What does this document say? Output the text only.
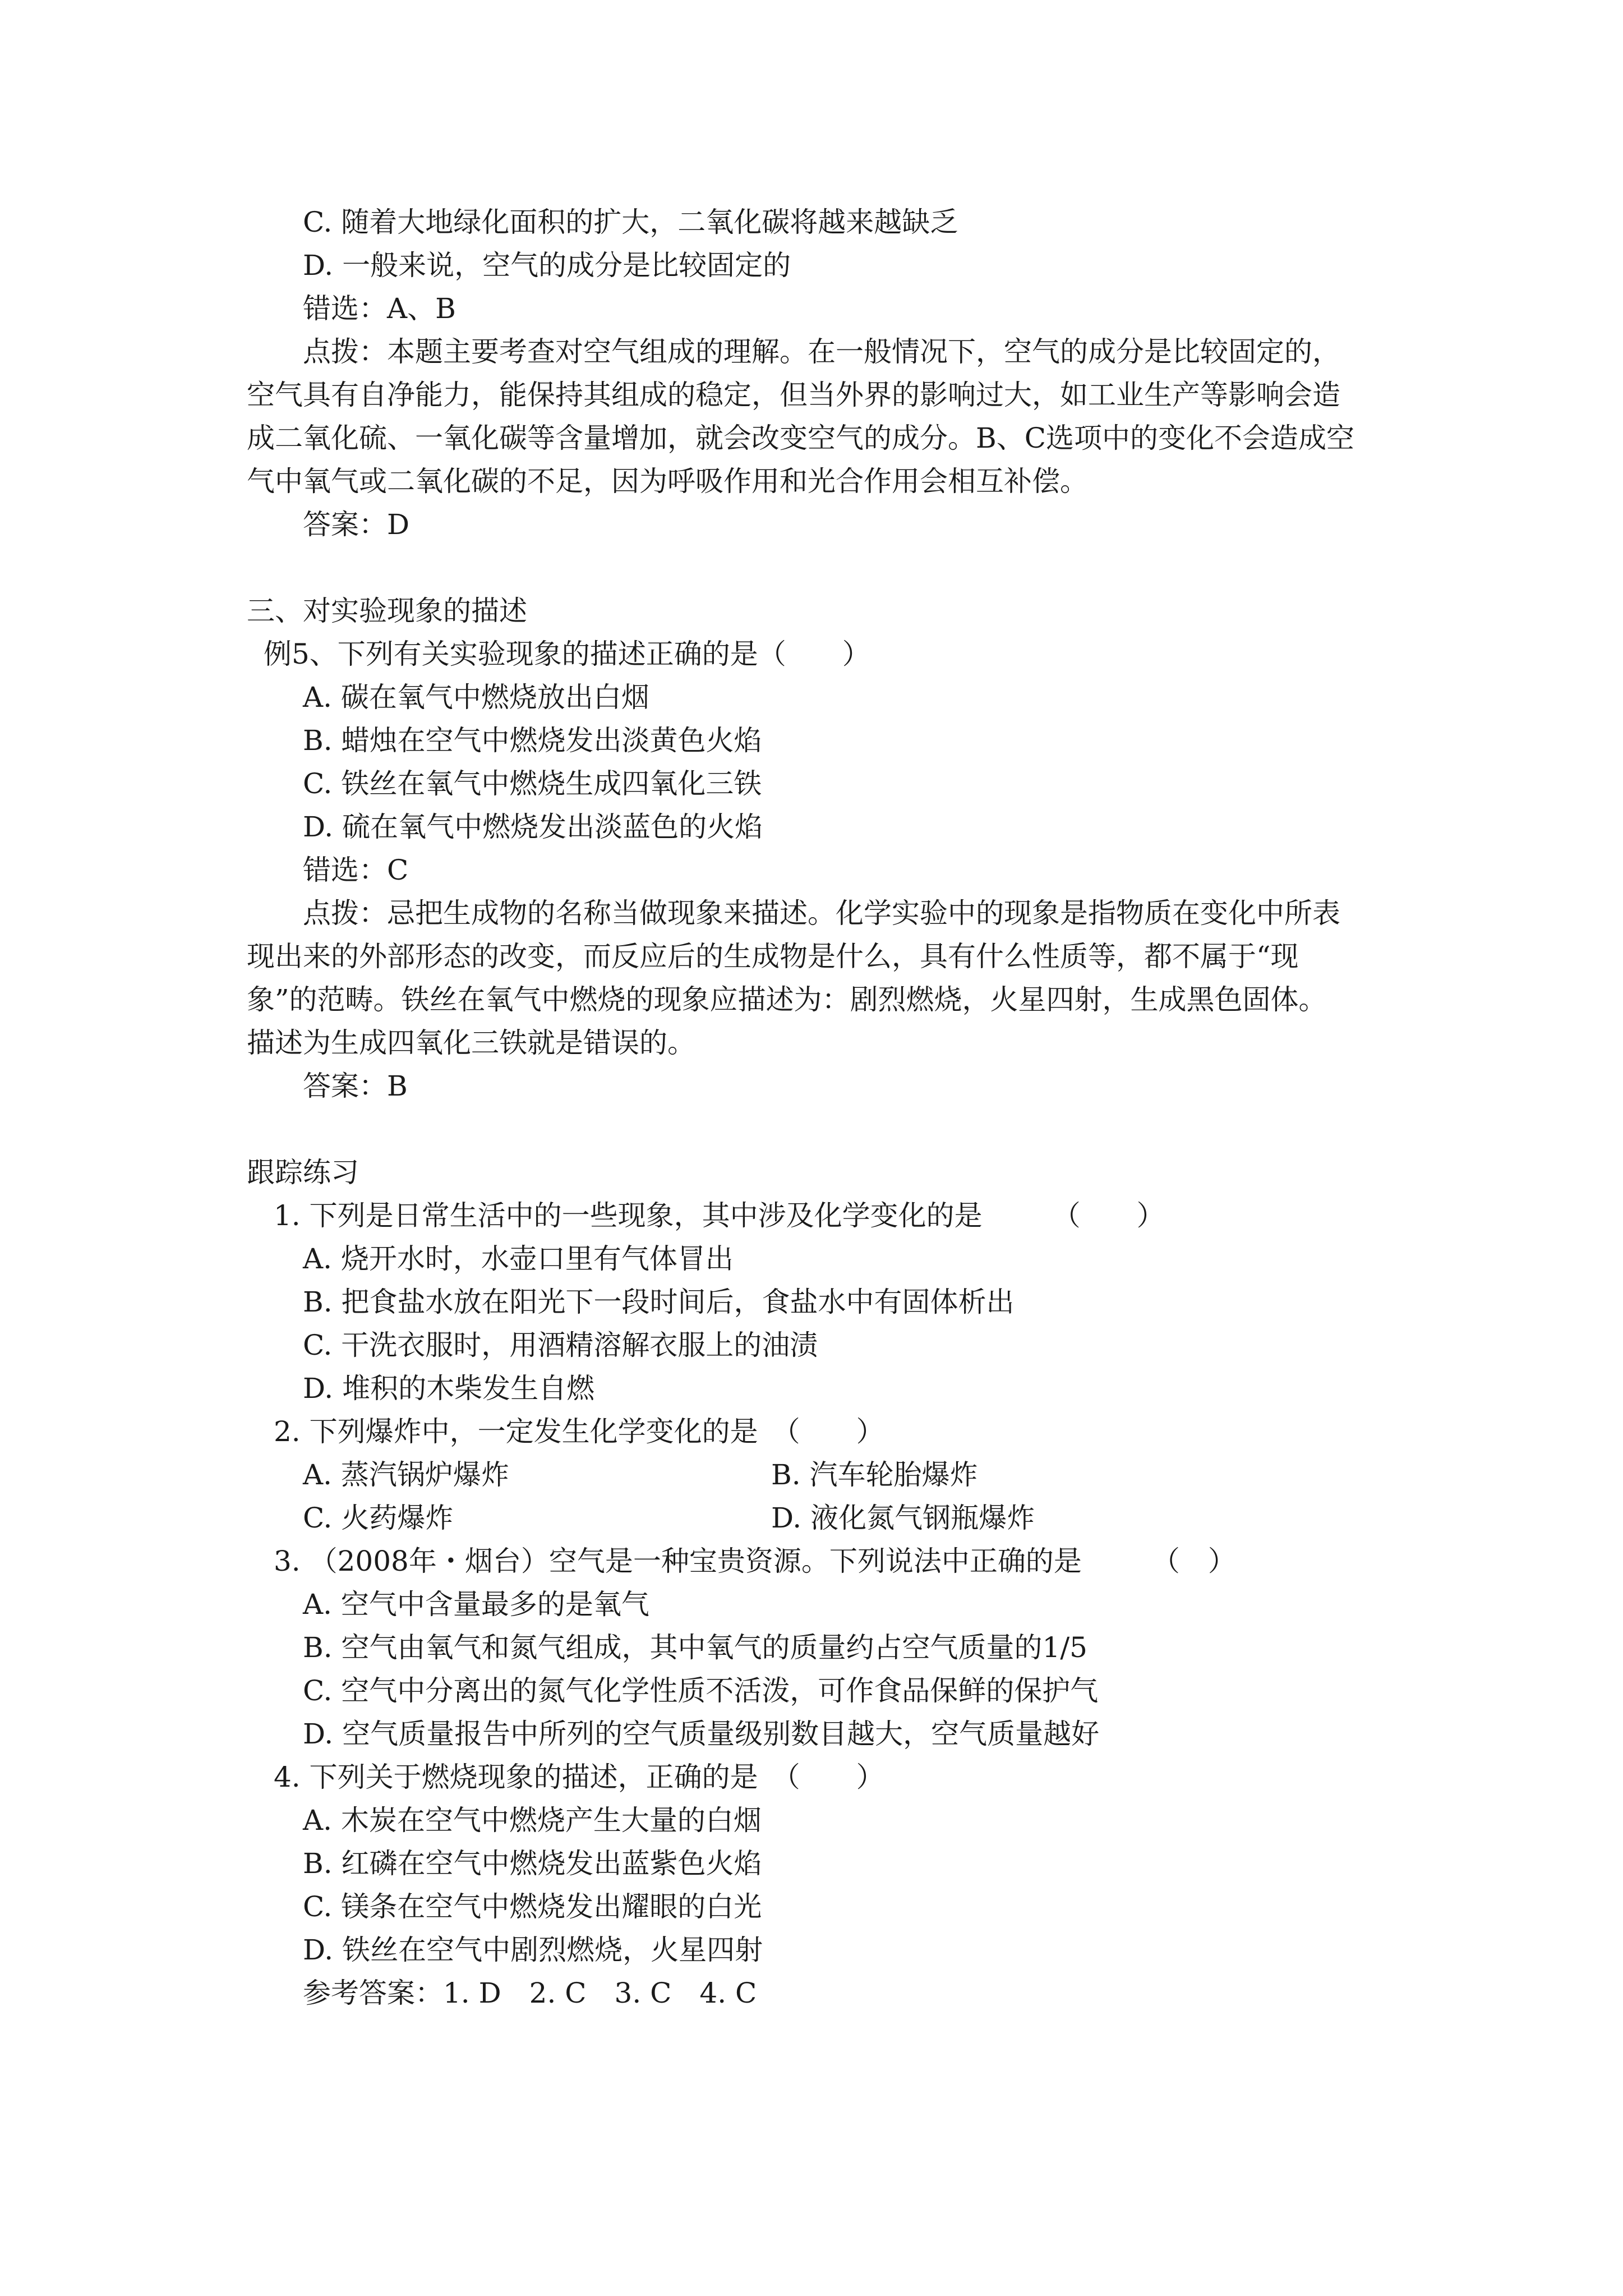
C. 随着大地绿化面积的扩大，二氧化碳将越来越缺乏
D. 一般来说，空气的成分是比较固定的
错选：A、B
点拨：本题主要考查对空气组成的理解。在一般情况下，空气的成分是比较固定的，
空气具有自净能力，能保持其组成的稳定，但当外界的影响过大，如工业生产等影响会造
成二氧化硫、一氧化碳等含量增加，就会改变空气的成分。B、C选项中的变化不会造成空
气中氧气或二氧化碳的不足，因为呼吸作用和光合作用会相互补偿。
答案：D
三、对实验现象的描述
例5、下列有关实验现象的描述正确的是（　　）
A. 碳在氧气中燃烧放出白烟
B. 蜡烛在空气中燃烧发出淡黄色火焰
C. 铁丝在氧气中燃烧生成四氧化三铁
D. 硫在氧气中燃烧发出淡蓝色的火焰
错选：C
点拨：忌把生成物的名称当做现象来描述。化学实验中的现象是指物质在变化中所表
现出来的外部形态的改变，而反应后的生成物是什么，具有什么性质等，都不属于“现
象”的范畴。铁丝在氧气中燃烧的现象应描述为：剧烈燃烧，火星四射，生成黑色固体。
描述为生成四氧化三铁就是错误的。
答案：B
跟踪练习
1. 下列是日常生活中的一些现象，其中涉及化学变化的是　　　（　　）
A. 烧开水时，水壶口里有气体冒出
B. 把食盐水放在阳光下一段时间后，食盐水中有固体析出
C. 干洗衣服时，用酒精溶解衣服上的油渍
D. 堆积的木柴发生自燃
2. 下列爆炸中，一定发生化学变化的是　（　　）
A. 蒸汽锅炉爆炸	B. 汽车轮胎爆炸
C. 火药爆炸	D. 液化氮气钢瓶爆炸
3. （2008年・烟台）空气是一种宝贵资源。下列说法中正确的是　　　（　）
A. 空气中含量最多的是氧气
B. 空气由氧气和氮气组成，其中氧气的质量约占空气质量的1/5
C. 空气中分离出的氮气化学性质不活泼，可作食品保鲜的保护气
D. 空气质量报告中所列的空气质量级别数目越大，空气质量越好
4. 下列关于燃烧现象的描述，正确的是　（　　）
A. 木炭在空气中燃烧产生大量的白烟
B. 红磷在空气中燃烧发出蓝紫色火焰
C. 镁条在空气中燃烧发出耀眼的白光
D. 铁丝在空气中剧烈燃烧，火星四射
参考答案：1. D　2. C　3. C　4. C
